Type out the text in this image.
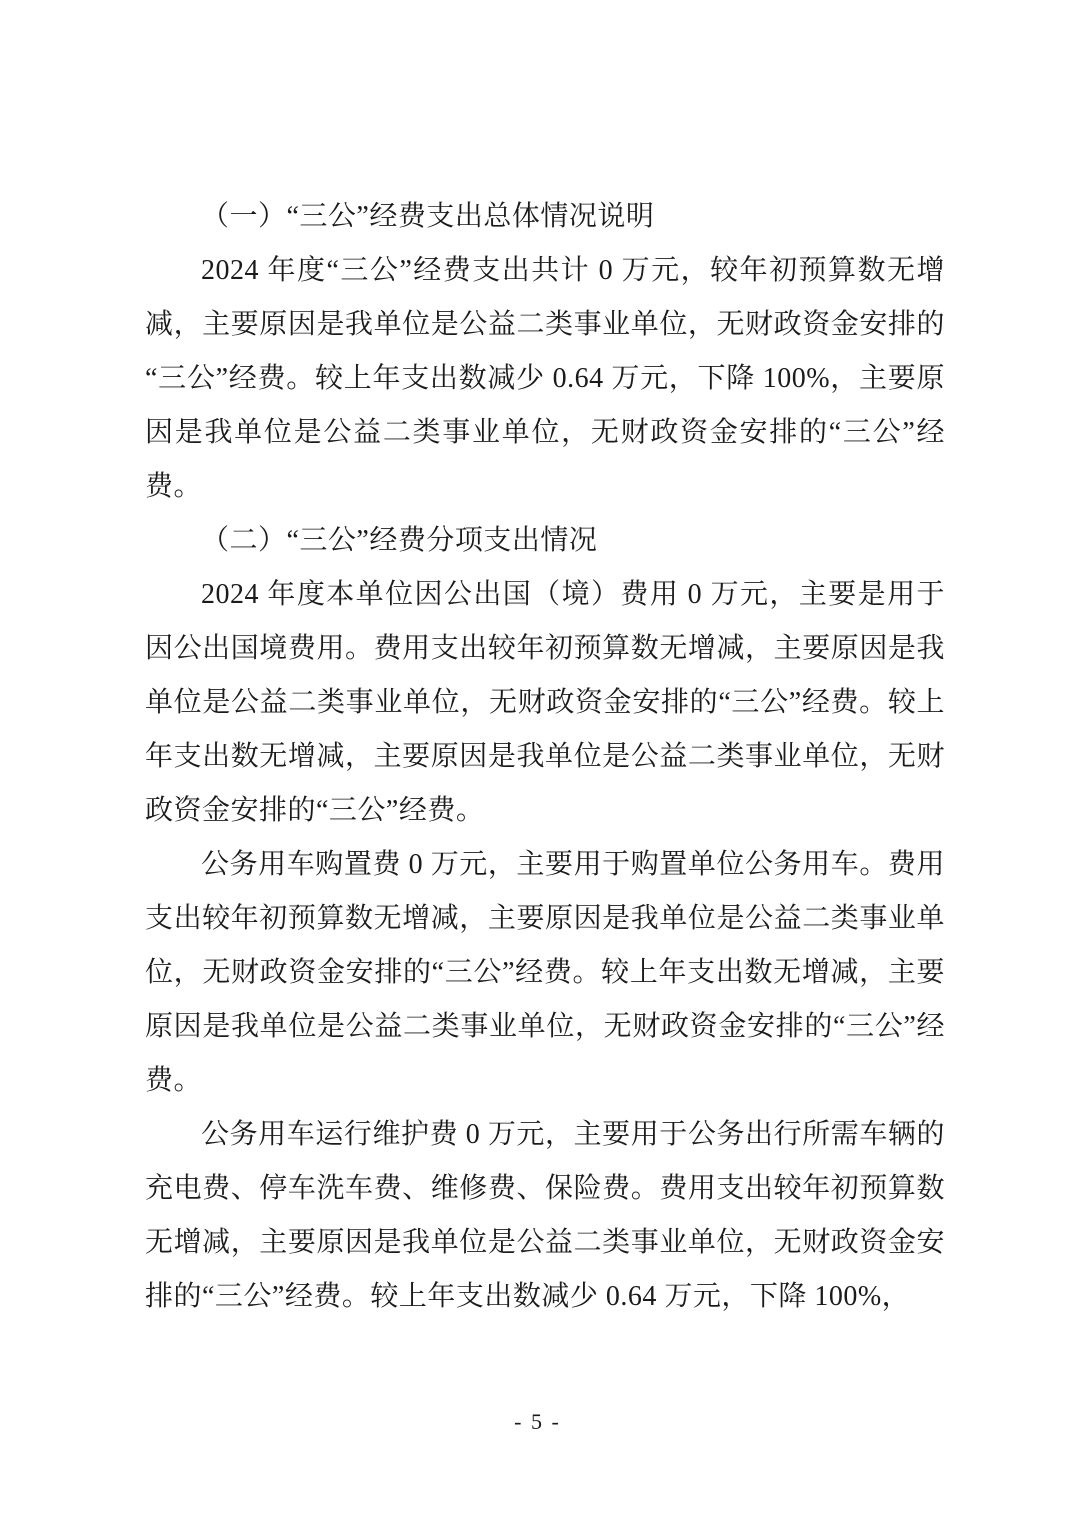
（一）“三公”经费支出总体情况说明

2024 年度“三公”经费支出共计 0 万元，较年初预算数无增减，主要原因是我单位是公益二类事业单位，无财政资金安排的“三公”经费。较上年支出数减少 0.64 万元，下降 100%，主要原因是我单位是公益二类事业单位，无财政资金安排的“三公”经费。

（二）“三公”经费分项支出情况

2024 年度本单位因公出国（境）费用 0 万元，主要是用于因公出国境费用。费用支出较年初预算数无增减，主要原因是我单位是公益二类事业单位，无财政资金安排的“三公”经费。较上年支出数无增减，主要原因是我单位是公益二类事业单位，无财政资金安排的“三公”经费。

公务用车购置费 0 万元，主要用于购置单位公务用车。费用支出较年初预算数无增减，主要原因是我单位是公益二类事业单位，无财政资金安排的“三公”经费。较上年支出数无增减，主要原因是我单位是公益二类事业单位，无财政资金安排的“三公”经费。

公务用车运行维护费 0 万元，主要用于公务出行所需车辆的充电费、停车洗车费、维修费、保险费。费用支出较年初预算数无增减，主要原因是我单位是公益二类事业单位，无财政资金安排的“三公”经费。较上年支出数减少 0.64 万元，下降 100%，

- 5 -
